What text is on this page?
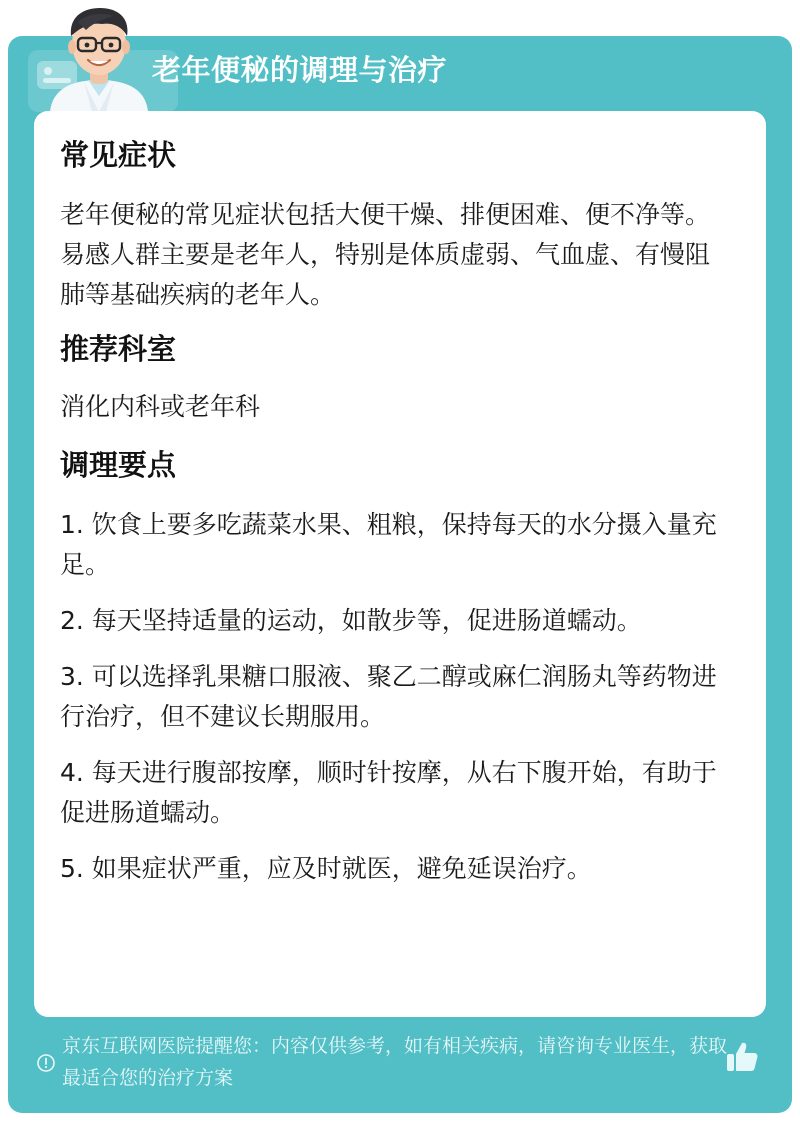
老年便秘的调理与治疗
常见症状

老年便秘的常见症状包括大便干燥、排便困难、便不净等。易感人群主要是老年人，特别是体质虚弱、气血虚、有慢阻肺等基础疾病的老年人。

推荐科室

消化内科或老年科

调理要点

1. 饮食上要多吃蔬菜水果、粗粮，保持每天的水分摄入量充足。

2. 每天坚持适量的运动，如散步等，促进肠道蠕动。

3. 可以选择乳果糖口服液、聚乙二醇或麻仁润肠丸等药物进行治疗，但不建议长期服用。

4. 每天进行腹部按摩，顺时针按摩，从右下腹开始，有助于促进肠道蠕动。

5. 如果症状严重，应及时就医，避免延误治疗。

京东互联网医院提醒您：内容仅供参考，如有相关疾病，请咨询专业医生，获取最适合您的治疗方案
